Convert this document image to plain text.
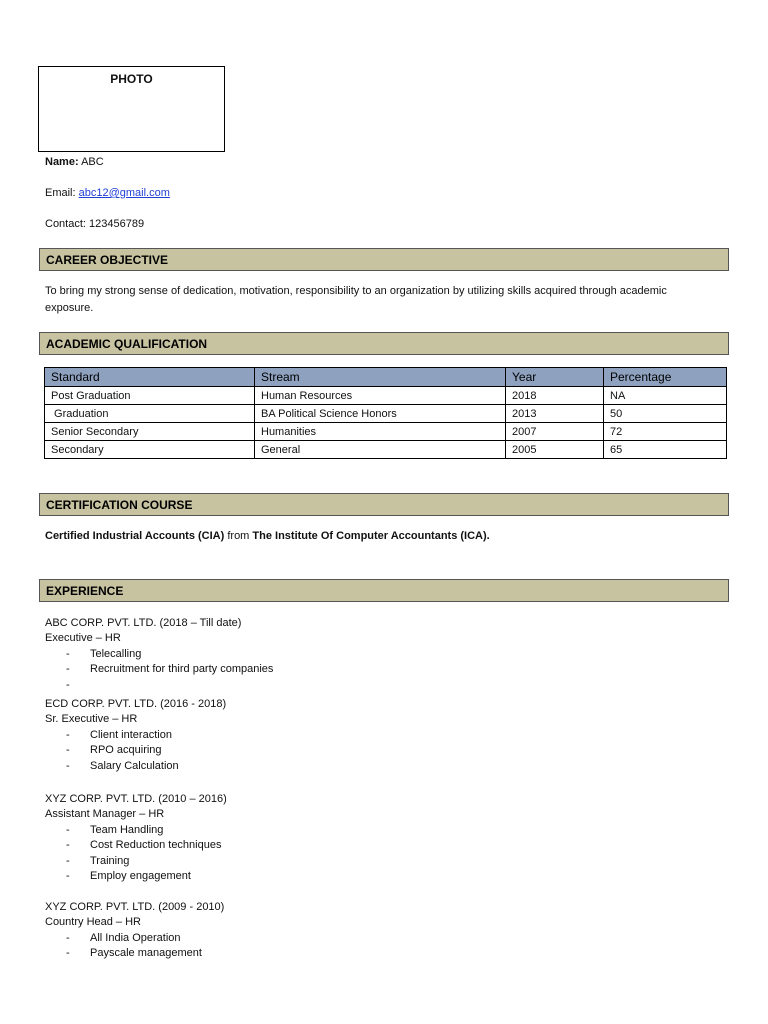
PHOTO
Name: ABC
Email: abc12@gmail.com
Contact: 123456789
CAREER OBJECTIVE
To bring my strong sense of dedication, motivation, responsibility to an organization by utilizing skills acquired through academic
exposure.
ACADEMIC QUALIFICATION
Standard	Stream	Year	Percentage
Post Graduation	Human Resources	2018	NA
Graduation	BA Political Science Honors	2013	50
Senior Secondary	Humanities	2007	72
Secondary	General	2005	65
CERTIFICATION COURSE
Certified Industrial Accounts (CIA) from The Institute Of Computer Accountants (ICA).
EXPERIENCE
ABC CORP. PVT. LTD. (2018 – Till date)
Executive – HR
- Telecalling
- Recruitment for third party companies
-
ECD CORP. PVT. LTD. (2016 - 2018)
Sr. Executive – HR
- Client interaction
- RPO acquiring
- Salary Calculation
XYZ CORP. PVT. LTD. (2010 – 2016)
Assistant Manager – HR
- Team Handling
- Cost Reduction techniques
- Training
- Employ engagement
XYZ CORP. PVT. LTD. (2009 - 2010)
Country Head – HR
- All India Operation
- Payscale management
